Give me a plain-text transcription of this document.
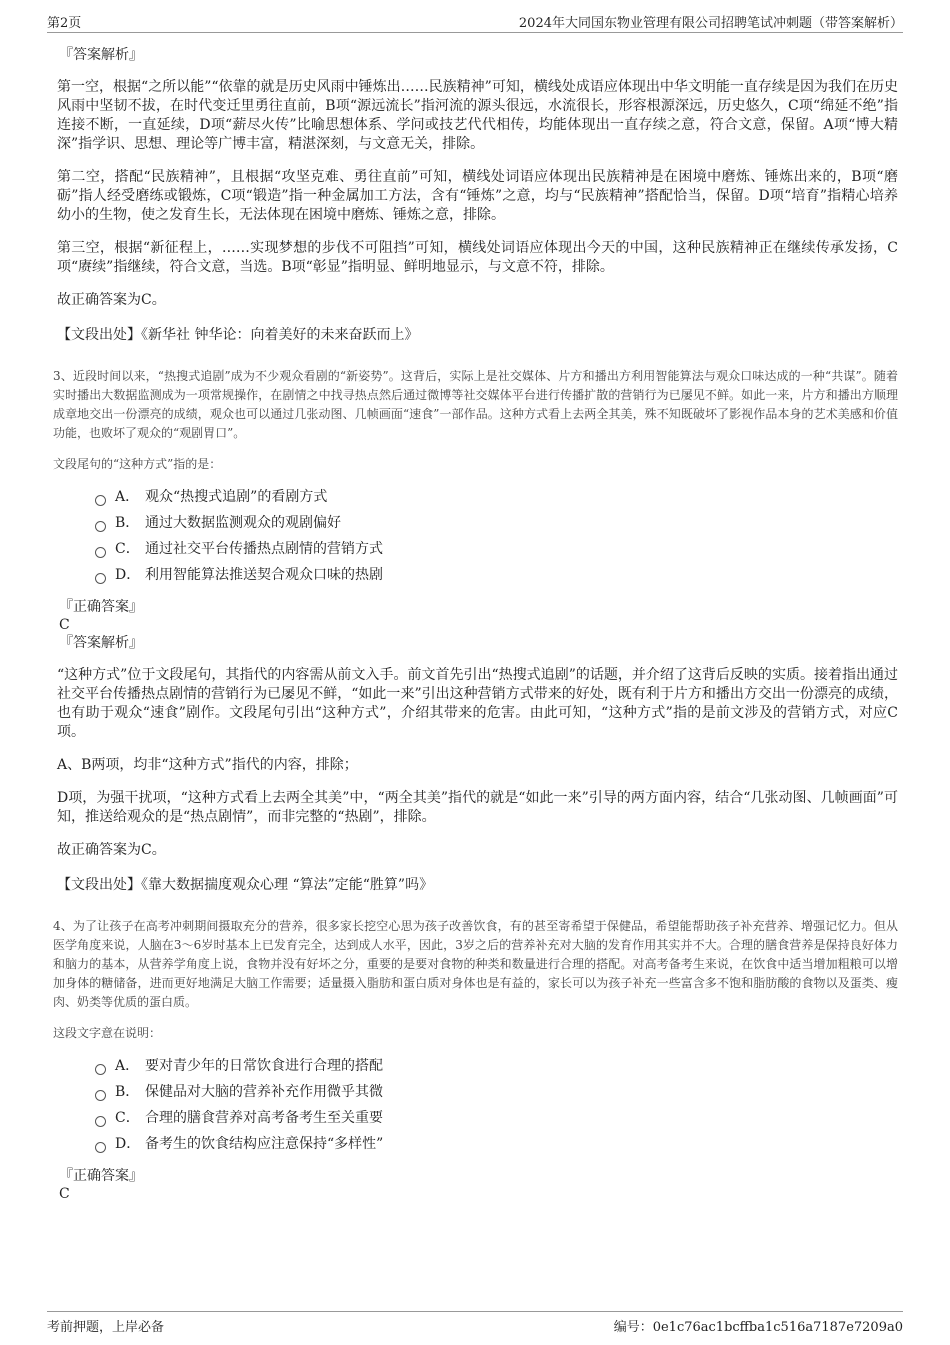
第2页	2024年大同国东物业管理有限公司招聘笔试冲刺题（带答案解析）
『答案解析』

第一空，根据“之所以能”“依靠的就是历史风雨中锤炼出……民族精神”可知，横线处成语应体现出中华文明能一直存续是因为我们在历史风雨中坚韧不拔，在时代变迁里勇往直前，B项“源远流长”指河流的源头很远，水流很长，形容根源深远，历史悠久，C项“绵延不绝”指连接不断，一直延续，D项“薪尽火传”比喻思想体系、学问或技艺代代相传，均能体现出一直存续之意，符合文意，保留。A项“博大精深”指学识、思想、理论等广博丰富，精湛深刻，与文意无关，排除。

第二空，搭配“民族精神”，且根据“攻坚克难、勇往直前”可知，横线处词语应体现出民族精神是在困境中磨炼、锤炼出来的，B项“磨砺”指人经受磨练或锻炼，C项“锻造”指一种金属加工方法，含有“锤炼”之意，均与“民族精神”搭配恰当，保留。D项“培育”指精心培养幼小的生物，使之发育生长，无法体现在困境中磨炼、锤炼之意，排除。

第三空，根据“新征程上，……实现梦想的步伐不可阻挡”可知，横线处词语应体现出今天的中国，这种民族精神正在继续传承发扬，C项“赓续”指继续，符合文意，当选。B项“彰显”指明显、鲜明地显示，与文意不符，排除。

故正确答案为C。

【文段出处】《新华社 钟华论：向着美好的未来奋跃而上》

3、近段时间以来，“热搜式追剧”成为不少观众看剧的“新姿势”。这背后，实际上是社交媒体、片方和播出方利用智能算法与观众口味达成的一种“共谋”。随着实时播出大数据监测成为一项常规操作，在剧情之中找寻热点然后通过微博等社交媒体平台进行传播扩散的营销行为已屡见不鲜。如此一来，片方和播出方顺理成章地交出一份漂亮的成绩，观众也可以通过几张动图、几帧画面“速食”一部作品。这种方式看上去两全其美，殊不知既破坏了影视作品本身的艺术美感和价值功能，也败坏了观众的“观剧胃口”。

文段尾句的“这种方式”指的是：

A． 观众“热搜式追剧”的看剧方式
B． 通过大数据监测观众的观剧偏好
C． 通过社交平台传播热点剧情的营销方式
D． 利用智能算法推送契合观众口味的热剧
『正确答案』
C
『答案解析』

“这种方式”位于文段尾句，其指代的内容需从前文入手。前文首先引出“热搜式追剧”的话题，并介绍了这背后反映的实质。接着指出通过社交平台传播热点剧情的营销行为已屡见不鲜，“如此一来”引出这种营销方式带来的好处，既有利于片方和播出方交出一份漂亮的成绩，也有助于观众“速食”剧作。文段尾句引出“这种方式”，介绍其带来的危害。由此可知，“这种方式”指的是前文涉及的营销方式，对应C项。

A、B两项，均非“这种方式”指代的内容，排除；

D项，为强干扰项，“这种方式看上去两全其美”中，“两全其美”指代的就是“如此一来”引导的两方面内容，结合“几张动图、几帧画面”可知，推送给观众的是“热点剧情”，而非完整的“热剧”，排除。

故正确答案为C。

【文段出处】《靠大数据揣度观众心理 “算法”定能“胜算”吗》

4、为了让孩子在高考冲刺期间摄取充分的营养，很多家长挖空心思为孩子改善饮食，有的甚至寄希望于保健品，希望能帮助孩子补充营养、增强记忆力。但从医学角度来说，人脑在3～6岁时基本上已发育完全，达到成人水平，因此，3岁之后的营养补充对大脑的发育作用其实并不大。合理的膳食营养是保持良好体力和脑力的基本，从营养学角度上说，食物并没有好坏之分，重要的是要对食物的种类和数量进行合理的搭配。对高考备考生来说，在饮食中适当增加粗粮可以增加身体的糖储备，进而更好地满足大脑工作需要；适量摄入脂肪和蛋白质对身体也是有益的，家长可以为孩子补充一些富含多不饱和脂肪酸的食物以及蛋类、瘦肉、奶类等优质的蛋白质。

这段文字意在说明：

A． 要对青少年的日常饮食进行合理的搭配
B． 保健品对大脑的营养补充作用微乎其微
C． 合理的膳食营养对高考备考生至关重要
D． 备考生的饮食结构应注意保持“多样性”
『正确答案』
C
考前押题，上岸必备	编号：0e1c76ac1bcffba1c516a7187e7209a0
